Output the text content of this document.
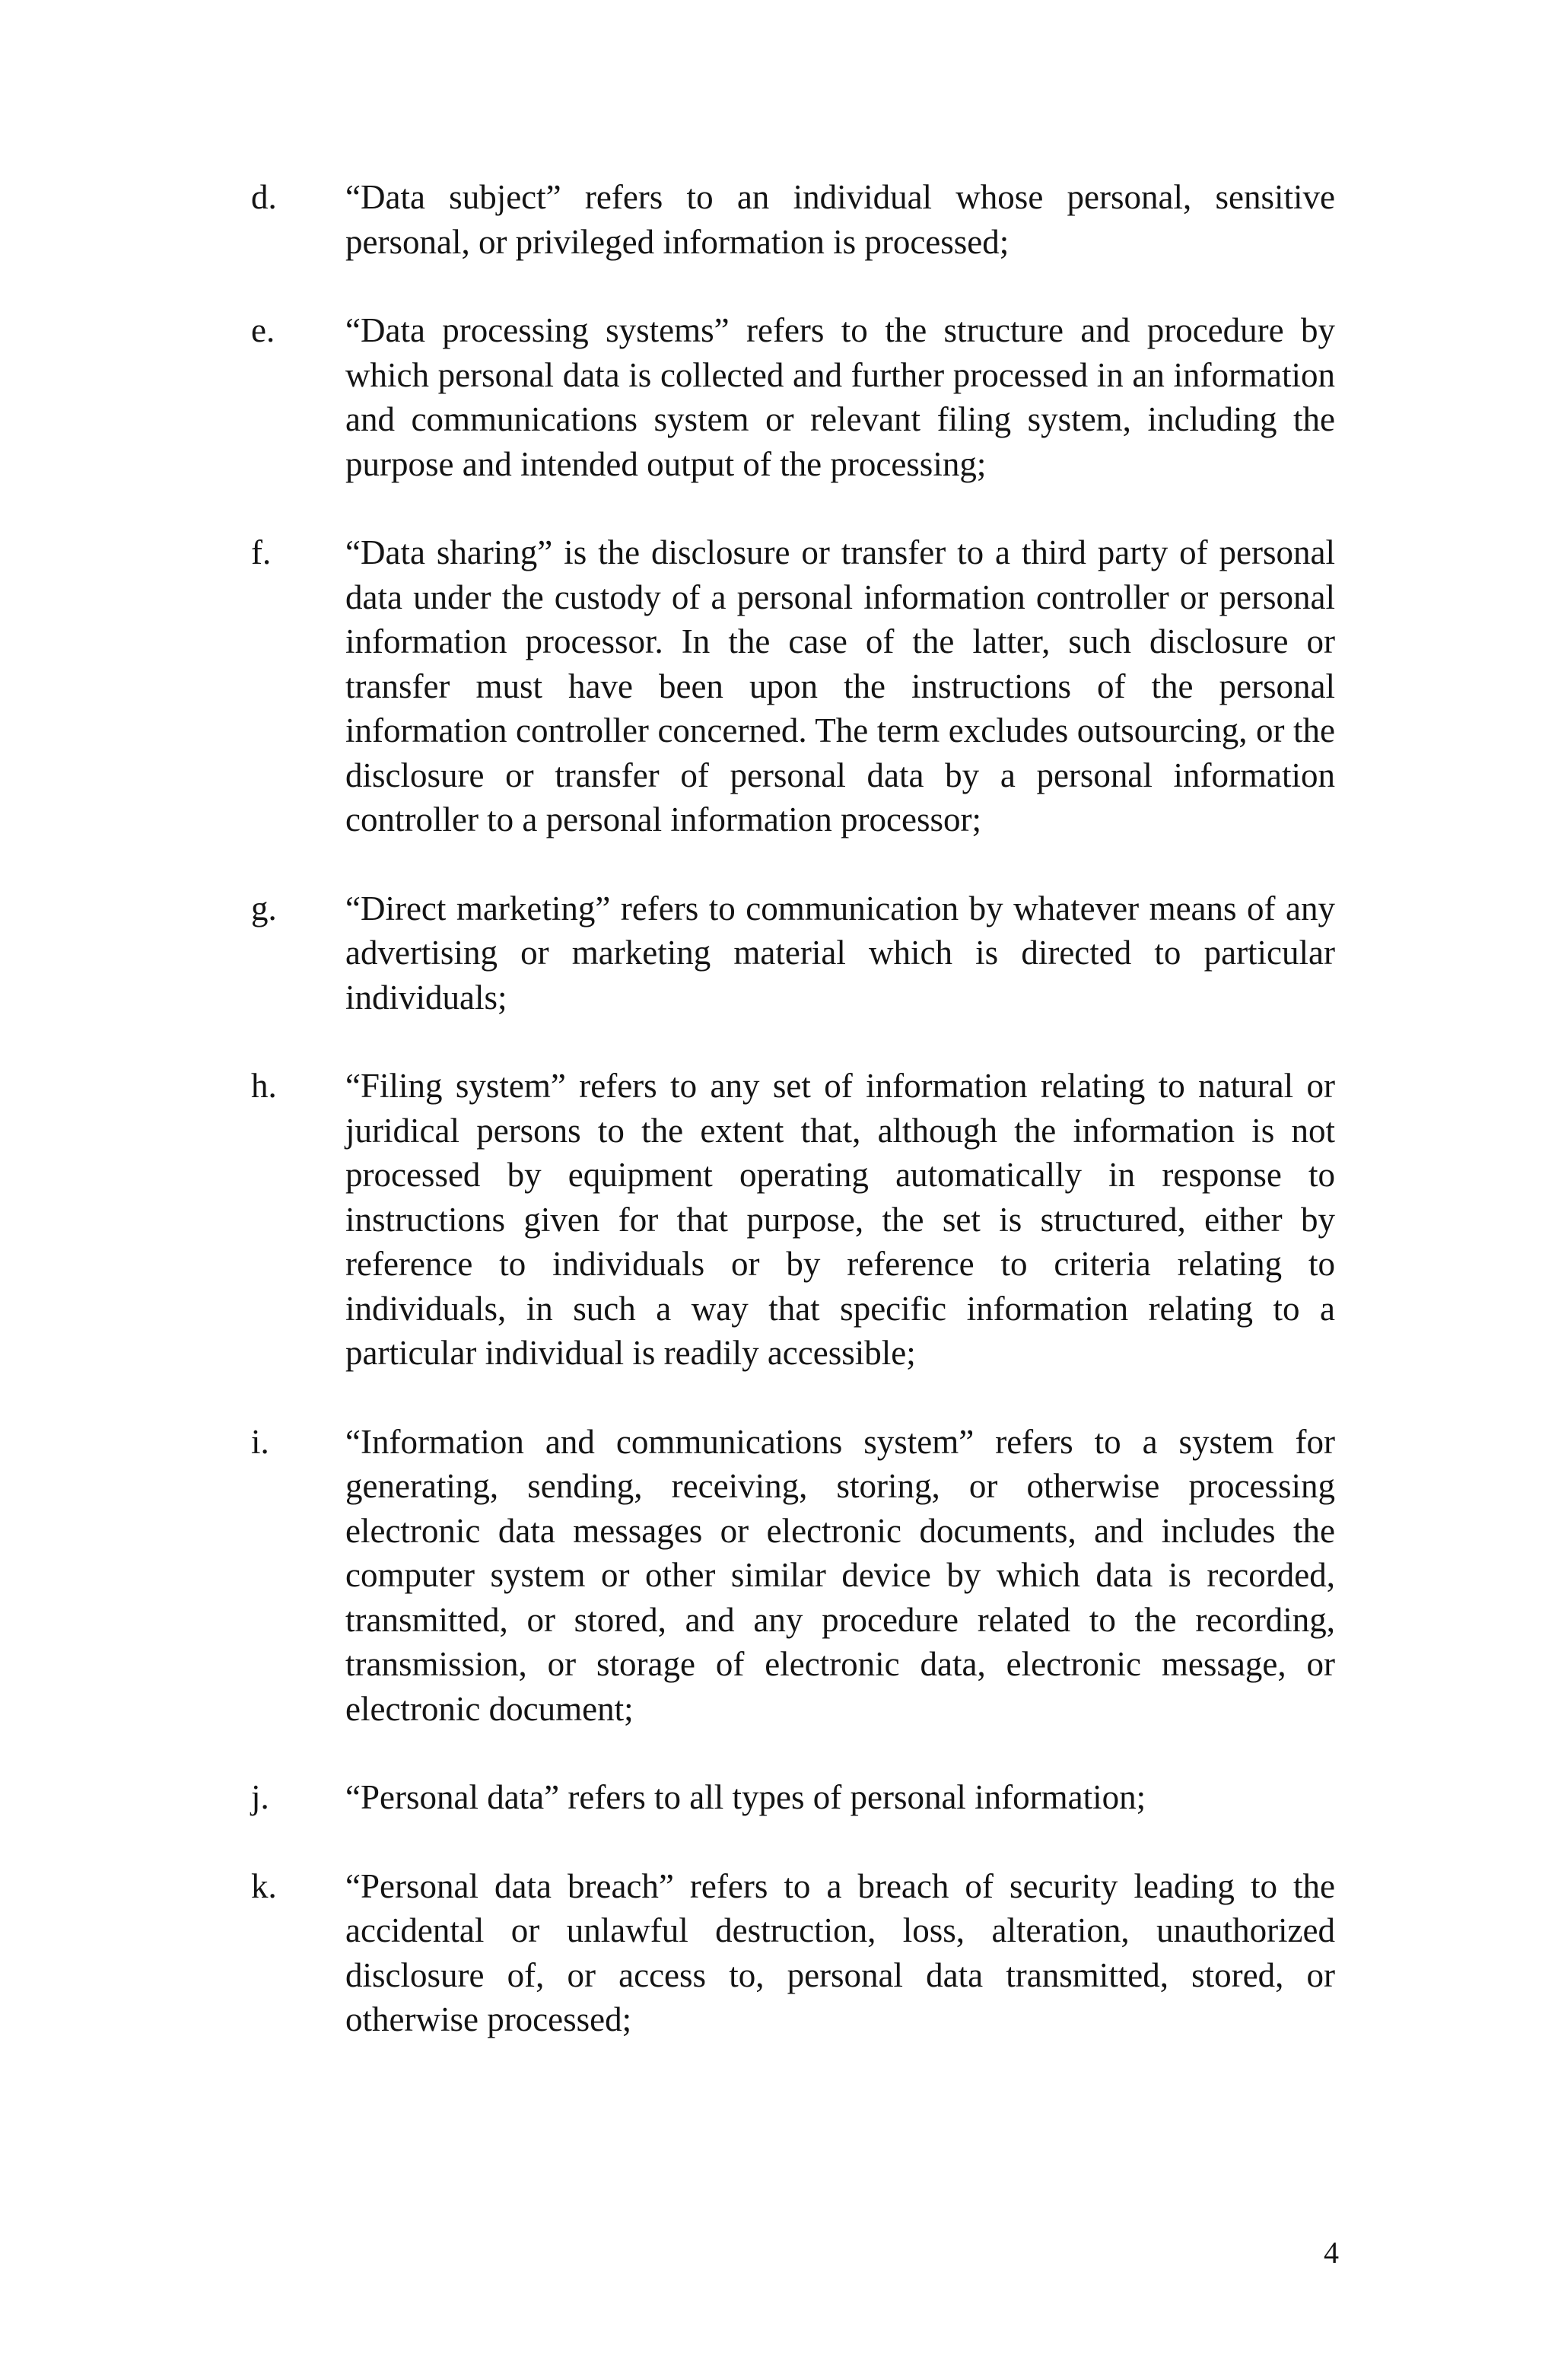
d. “Data subject” refers to an individual whose personal, sensitive personal, or privileged information is processed;
e. “Data processing systems” refers to the structure and procedure by which personal data is collected and further processed in an information and communications system or relevant filing system, including the purpose and intended output of the processing;
f. “Data sharing” is the disclosure or transfer to a third party of personal data under the custody of a personal information controller or personal information processor. In the case of the latter, such disclosure or transfer must have been upon the instructions of the personal information controller concerned. The term excludes outsourcing, or the disclosure or transfer of personal data by a personal information controller to a personal information processor;
g. “Direct marketing” refers to communication by whatever means of any advertising or marketing material which is directed to particular individuals;
h. “Filing system” refers to any set of information relating to natural or juridical persons to the extent that, although the information is not processed by equipment operating automatically in response to instructions given for that purpose, the set is structured, either by reference to individuals or by reference to criteria relating to individuals, in such a way that specific information relating to a particular individual is readily accessible;
i. “Information and communications system” refers to a system for generating, sending, receiving, storing, or otherwise processing electronic data messages or electronic documents, and includes the computer system or other similar device by which data is recorded, transmitted, or stored, and any procedure related to the recording, transmission, or storage of electronic data, electronic message, or electronic document;
j. “Personal data” refers to all types of personal information;
k. “Personal data breach” refers to a breach of security leading to the accidental or unlawful destruction, loss, alteration, unauthorized disclosure of, or access to, personal data transmitted, stored, or otherwise processed;
4
